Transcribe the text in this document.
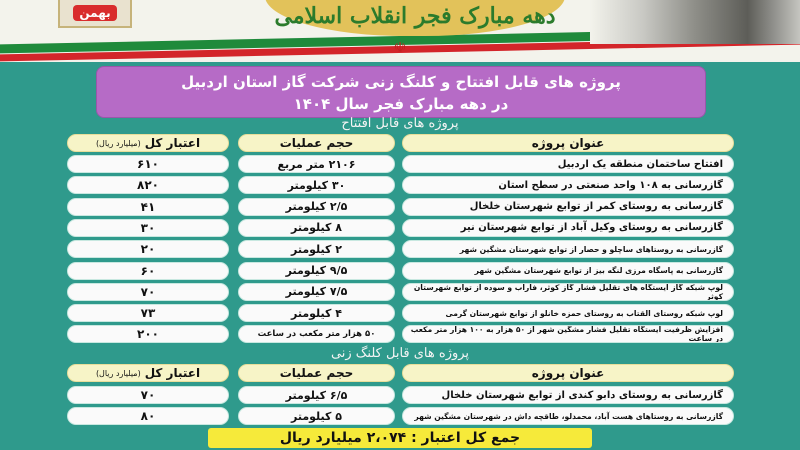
دهه مبارک فجر انقلاب اسلامی
بهمن
☫
پروژه های قابل افتتاح و کلنگ زنی شرکت گاز استان اردبیل
در دهه مبارک فجر سال ۱۴۰۴
پروژه های قابل افتتاح
عنوان پروژه
حجم عملیات
اعتبار کل
(میلیارد ریال)
افتتاح ساختمان منطقه یک اردبیل
۲۱۰۶ متر مربع
۶۱۰
گازرسانی به ۱۰۸ واحد صنعتی در سطح استان
۳۰ کیلومتر
۸۲۰
گازرسانی به روستای کمر از توابع شهرستان خلخال
۲/۵ کیلومتر
۴۱
گازرسانی به روستای وکیل آباد از توابع شهرستان نیر
۸ کیلومتر
۳۰
گازرسانی به روستاهای ساچلو و حصار از توابع شهرستان مشگین شهر
۲ کیلومتر
۲۰
گازرسانی به پاسگاه مرزی لنگه بیز از توابع شهرستان مشگین شهر
۹/۵ کیلومتر
۶۰
لوپ شبکه گاز ایستگاه های تقلیل فشار گاز کوثر، فاراب و سوده از توابع شهرستان کوثر
۷/۵ کیلومتر
۷۰
لوپ شبکه روستای القتاب به روستای حمزه خانلو از توابع شهرستان گرمی
۴ کیلومتر
۷۳
افزایش ظرفیت ایستگاه تقلیل فشار مشگین شهر از ۵۰ هزار به ۱۰۰ هزار متر مکعب در ساعت
۵۰ هزار متر مکعب در ساعت
۲۰۰
پروژه های قابل کلنگ زنی
عنوان پروژه
حجم عملیات
اعتبار کل
(میلیارد ریال)
گازرسانی به روستای دابو کندی از توابع شهرستان خلخال
۶/۵ کیلومتر
۷۰
گازرسانی به روستاهای هست آباد، محمدلو، طاقچه داش در شهرستان مشگین شهر
۵ کیلومتر
۸۰
جمع کل اعتبار : ۲،۰۷۴ میلیارد ریال
